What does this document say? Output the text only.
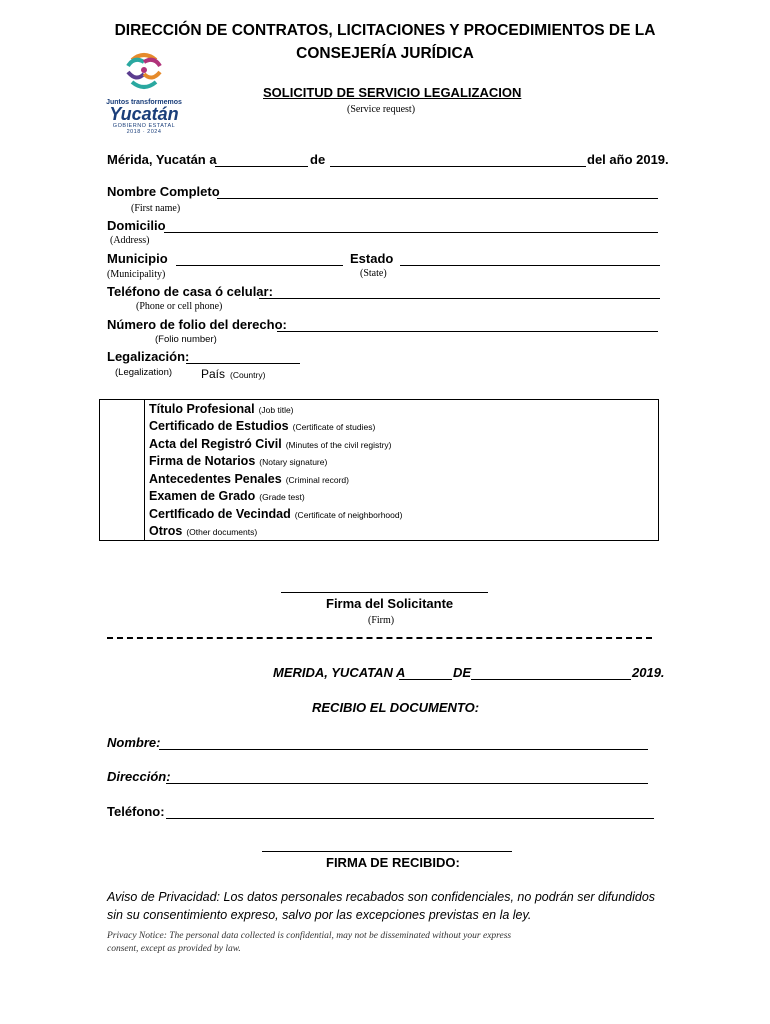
DIRECCIÓN DE CONTRATOS, LICITACIONES Y PROCEDIMIENTOS DE LA
CONSEJERÍA JURÍDICA
Juntos transformemos
Yucatán
GOBIERNO ESTATAL
2018 · 2024
SOLICITUD DE SERVICIO LEGALIZACION
(Service request)
Mérida, Yucatán a	de	del año 2019.
Nombre Completo
(First name)
Domicilio
(Address)
Municipio	Estado
(Municipality)	(State)
Teléfono de casa ó celular:
(Phone or cell phone)
Número de folio del derecho:
(Folio number)
Legalización:
(Legalization) País (Country)
	Título Profesional (Job title)
	Certificado de Estudios (Certificate of studies)
	Acta del Registró Civil (Minutes of the civil registry)
	Firma de Notarios (Notary signature)
	Antecedentes Penales (Criminal record)
	Examen de Grado (Grade test)
	CertIficado de Vecindad (Certificate of neighborhood)
	Otros (Other documents)
Firma del Solicitante
(Firm)
MERIDA, YUCATAN A	DE	2019.
RECIBIO EL DOCUMENTO:
Nombre:
Dirección:
Teléfono:
FIRMA DE RECIBIDO:
Aviso de Privacidad: Los datos personales recabados son confidenciales, no podrán ser difundidos
sin su consentimiento expreso, salvo por las excepciones previstas en la ley.
Privacy Notice: The personal data collected is confidential, may not be disseminated without your express
consent, except as provided by law.
